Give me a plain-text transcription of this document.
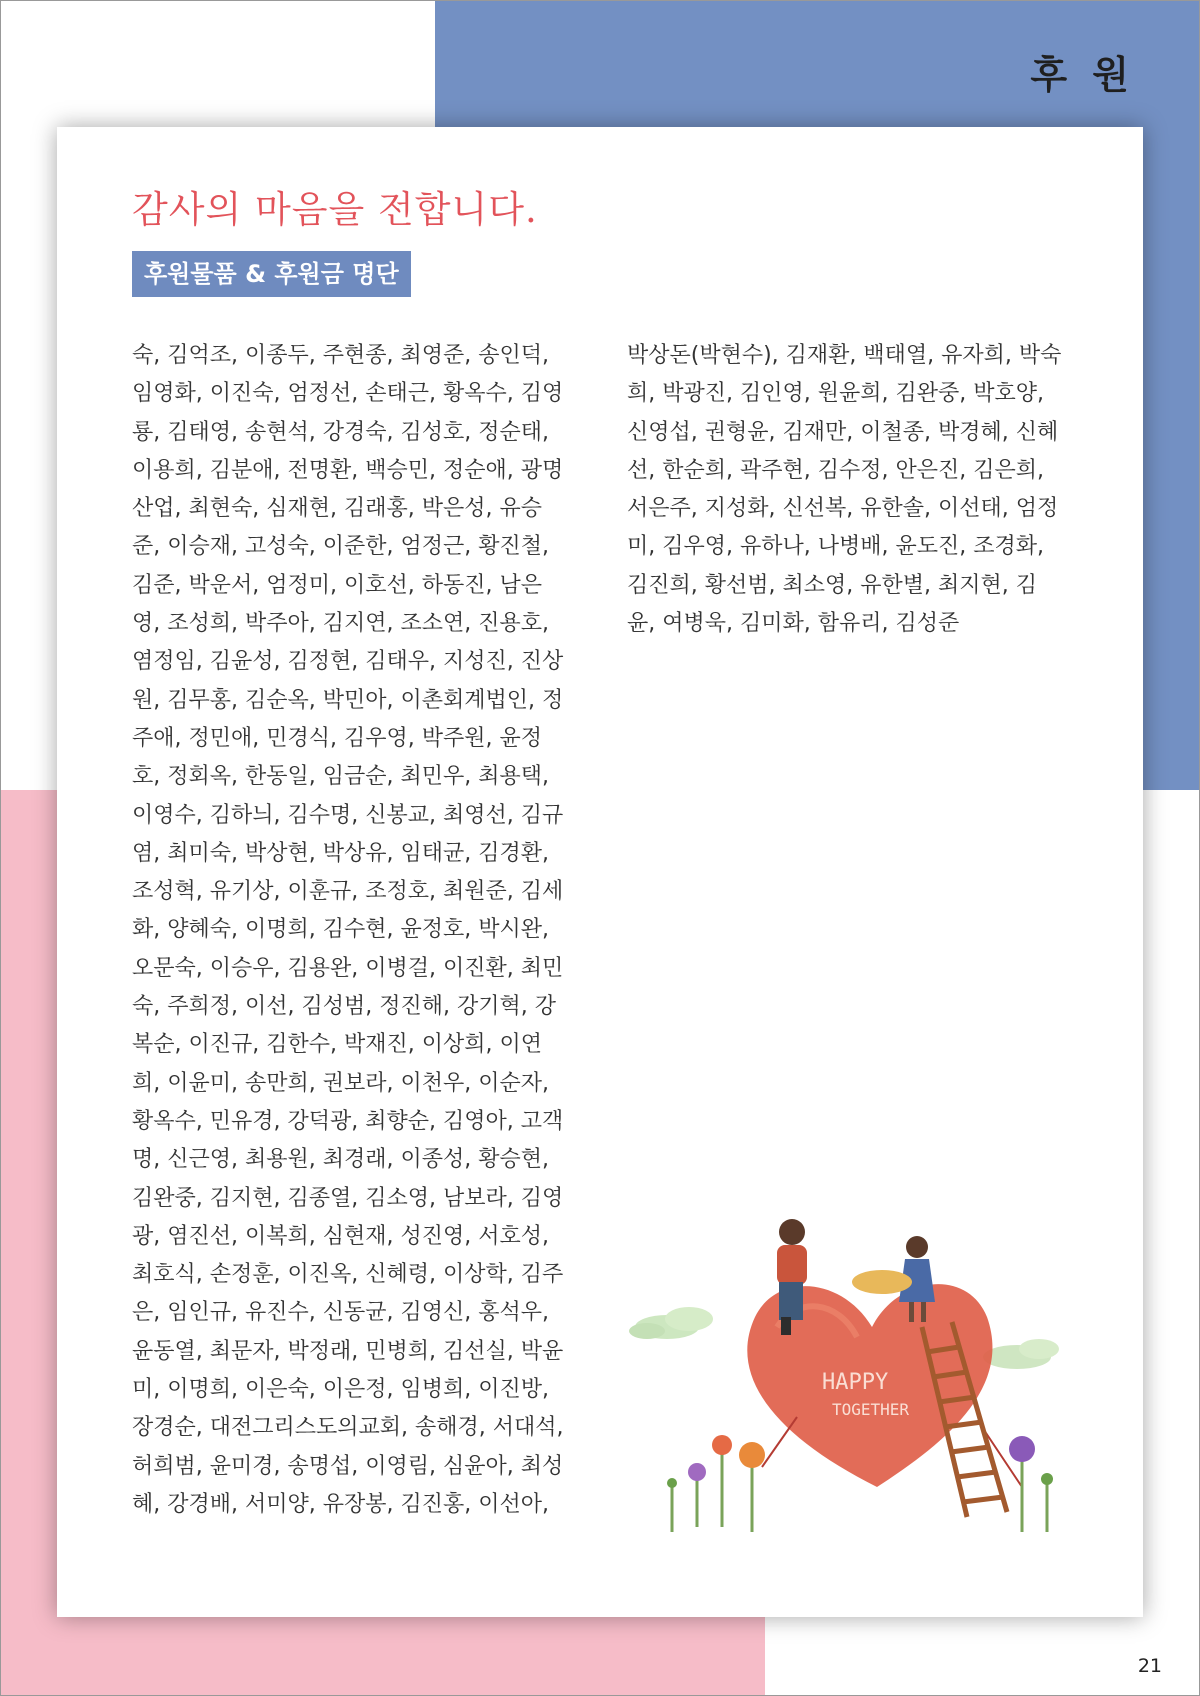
후 원
감사의 마음을 전합니다.
후원물품 & 후원금 명단
숙, 김억조, 이종두, 주현종, 최영준, 송인덕,
임영화, 이진숙, 엄정선, 손태근, 황옥수, 김영
룡, 김태영, 송현석, 강경숙, 김성호, 정순태,
이용희, 김분애, 전명환, 백승민, 정순애, 광명
산업, 최현숙, 심재현, 김래홍, 박은성, 유승
준, 이승재, 고성숙, 이준한, 엄정근, 황진철,
김준, 박운서, 엄정미, 이호선, 하동진, 남은
영, 조성희, 박주아, 김지연, 조소연, 진용호,
염정임, 김윤성, 김정현, 김태우, 지성진, 진상
원, 김무홍, 김순옥, 박민아, 이촌회계법인, 정
주애, 정민애, 민경식, 김우영, 박주원, 윤정
호, 정회옥, 한동일, 임금순, 최민우, 최용택,
이영수, 김하늬, 김수명, 신봉교, 최영선, 김규
염, 최미숙, 박상현, 박상유, 임태균, 김경환,
조성혁, 유기상, 이훈규, 조정호, 최원준, 김세
화, 양혜숙, 이명희, 김수현, 윤정호, 박시완,
오문숙, 이승우, 김용완, 이병걸, 이진환, 최민
숙, 주희정, 이선, 김성범, 정진해, 강기혁, 강
복순, 이진규, 김한수, 박재진, 이상희, 이연
희, 이윤미, 송만희, 권보라, 이천우, 이순자,
황옥수, 민유경, 강덕광, 최향순, 김영아, 고객
명, 신근영, 최용원, 최경래, 이종성, 황승현,
김완중, 김지현, 김종열, 김소영, 남보라, 김영
광, 염진선, 이복희, 심현재, 성진영, 서호성,
최호식, 손정훈, 이진옥, 신혜령, 이상학, 김주
은, 임인규, 유진수, 신동균, 김영신, 홍석우,
윤동열, 최문자, 박정래, 민병희, 김선실, 박윤
미, 이명희, 이은숙, 이은정, 임병희, 이진방,
장경순, 대전그리스도의교회, 송해경, 서대석,
허희범, 윤미경, 송명섭, 이영림, 심윤아, 최성
혜, 강경배, 서미양, 유장봉, 김진홍, 이선아,
박상돈(박현수), 김재환, 백태열, 유자희, 박숙
희, 박광진, 김인영, 원윤희, 김완중, 박호양,
신영섭, 권형윤, 김재만, 이철종, 박경혜, 신혜
선, 한순희, 곽주현, 김수정, 안은진, 김은희,
서은주, 지성화, 신선복, 유한솔, 이선태, 엄정
미, 김우영, 유하나, 나병배, 윤도진, 조경화,
김진희, 황선범, 최소영, 유한별, 최지현, 김
윤, 여병욱, 김미화, 함유리, 김성준
HAPPY
TOGETHER
21
